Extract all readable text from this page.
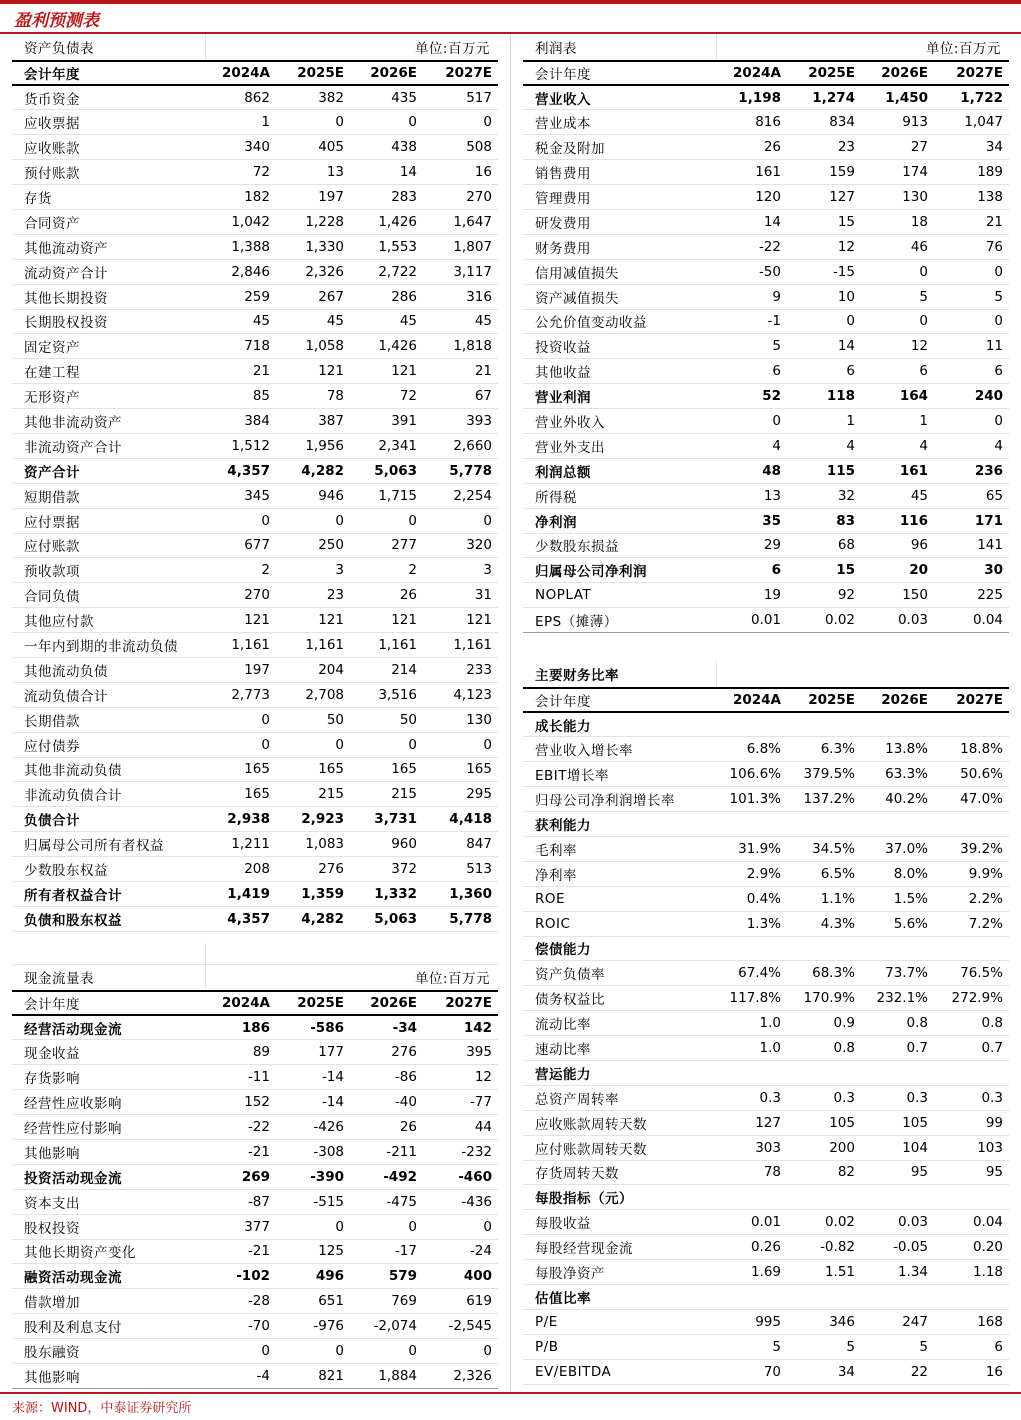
盈利预测表
资产负债表	单位:百万元			
会计年度	2024A	2025E	2026E	2027E
货币资金	862	382	435	517
应收票据	1	0	0	0
应收账款	340	405	438	508
预付账款	72	13	14	16
存货	182	197	283	270
合同资产	1,042	1,228	1,426	1,647
其他流动资产	1,388	1,330	1,553	1,807
流动资产合计	2,846	2,326	2,722	3,117
其他长期投资	259	267	286	316
长期股权投资	45	45	45	45
固定资产	718	1,058	1,426	1,818
在建工程	21	121	121	21
无形资产	85	78	72	67
其他非流动资产	384	387	391	393
非流动资产合计	1,512	1,956	2,341	2,660
资产合计	4,357	4,282	5,063	5,778
短期借款	345	946	1,715	2,254
应付票据	0	0	0	0
应付账款	677	250	277	320
预收款项	2	3	2	3
合同负债	270	23	26	31
其他应付款	121	121	121	121
一年内到期的非流动负债	1,161	1,161	1,161	1,161
其他流动负债	197	204	214	233
流动负债合计	2,773	2,708	3,516	4,123
长期借款	0	50	50	130
应付债券	0	0	0	0
其他非流动负债	165	165	165	165
非流动负债合计	165	215	215	295
负债合计	2,938	2,923	3,731	4,418
归属母公司所有者权益	1,211	1,083	960	847
少数股东权益	208	276	372	513
所有者权益合计	1,419	1,359	1,332	1,360
负债和股东权益	4,357	4,282	5,063	5,778

现金流量表	单位:百万元			
会计年度	2024A	2025E	2026E	2027E
经营活动现金流	186	-586	-34	142
现金收益	89	177	276	395
存货影响	-11	-14	-86	12
经营性应收影响	152	-14	-40	-77
经营性应付影响	-22	-426	26	44
其他影响	-21	-308	-211	-232
投资活动现金流	269	-390	-492	-460
资本支出	-87	-515	-475	-436
股权投资	377	0	0	0
其他长期资产变化	-21	125	-17	-24
融资活动现金流	-102	496	579	400
借款增加	-28	651	769	619
股利及利息支付	-70	-976	-2,074	-2,545
股东融资	0	0	0	0
其他影响	-4	821	1,884	2,326
利润表	单位:百万元			
会计年度	2024A	2025E	2026E	2027E
营业收入	1,198	1,274	1,450	1,722
营业成本	816	834	913	1,047
税金及附加	26	23	27	34
销售费用	161	159	174	189
管理费用	120	127	130	138
研发费用	14	15	18	21
财务费用	-22	12	46	76
信用减值损失	-50	-15	0	0
资产减值损失	9	10	5	5
公允价值变动收益	-1	0	0	0
投资收益	5	14	12	11
其他收益	6	6	6	6
营业利润	52	118	164	240
营业外收入	0	1	1	0
营业外支出	4	4	4	4
利润总额	48	115	161	236
所得税	13	32	45	65
净利润	35	83	116	171
少数股东损益	29	68	96	141
归属母公司净利润	6	15	20	30
NOPLAT	19	92	150	225
EPS（摊薄）	0.01	0.02	0.03	0.04
主要财务比率				
会计年度	2024A	2025E	2026E	2027E
成长能力				
营业收入增长率	6.8%	6.3%	13.8%	18.8%
EBIT增长率	106.6%	379.5%	63.3%	50.6%
归母公司净利润增长率	101.3%	137.2%	40.2%	47.0%
获利能力				
毛利率	31.9%	34.5%	37.0%	39.2%
净利率	2.9%	6.5%	8.0%	9.9%
ROE	0.4%	1.1%	1.5%	2.2%
ROIC	1.3%	4.3%	5.6%	7.2%
偿债能力				
资产负债率	67.4%	68.3%	73.7%	76.5%
债务权益比	117.8%	170.9%	232.1%	272.9%
流动比率	1.0	0.9	0.8	0.8
速动比率	1.0	0.8	0.7	0.7
营运能力				
总资产周转率	0.3	0.3	0.3	0.3
应收账款周转天数	127	105	105	99
应付账款周转天数	303	200	104	103
存货周转天数	78	82	95	95
每股指标（元）				
每股收益	0.01	0.02	0.03	0.04
每股经营现金流	0.26	-0.82	-0.05	0.20
每股净资产	1.69	1.51	1.34	1.18
估值比率				
P/E	995	346	247	168
P/B	5	5	5	6
EV/EBITDA	70	34	22	16
来源：WIND，中泰证券研究所
